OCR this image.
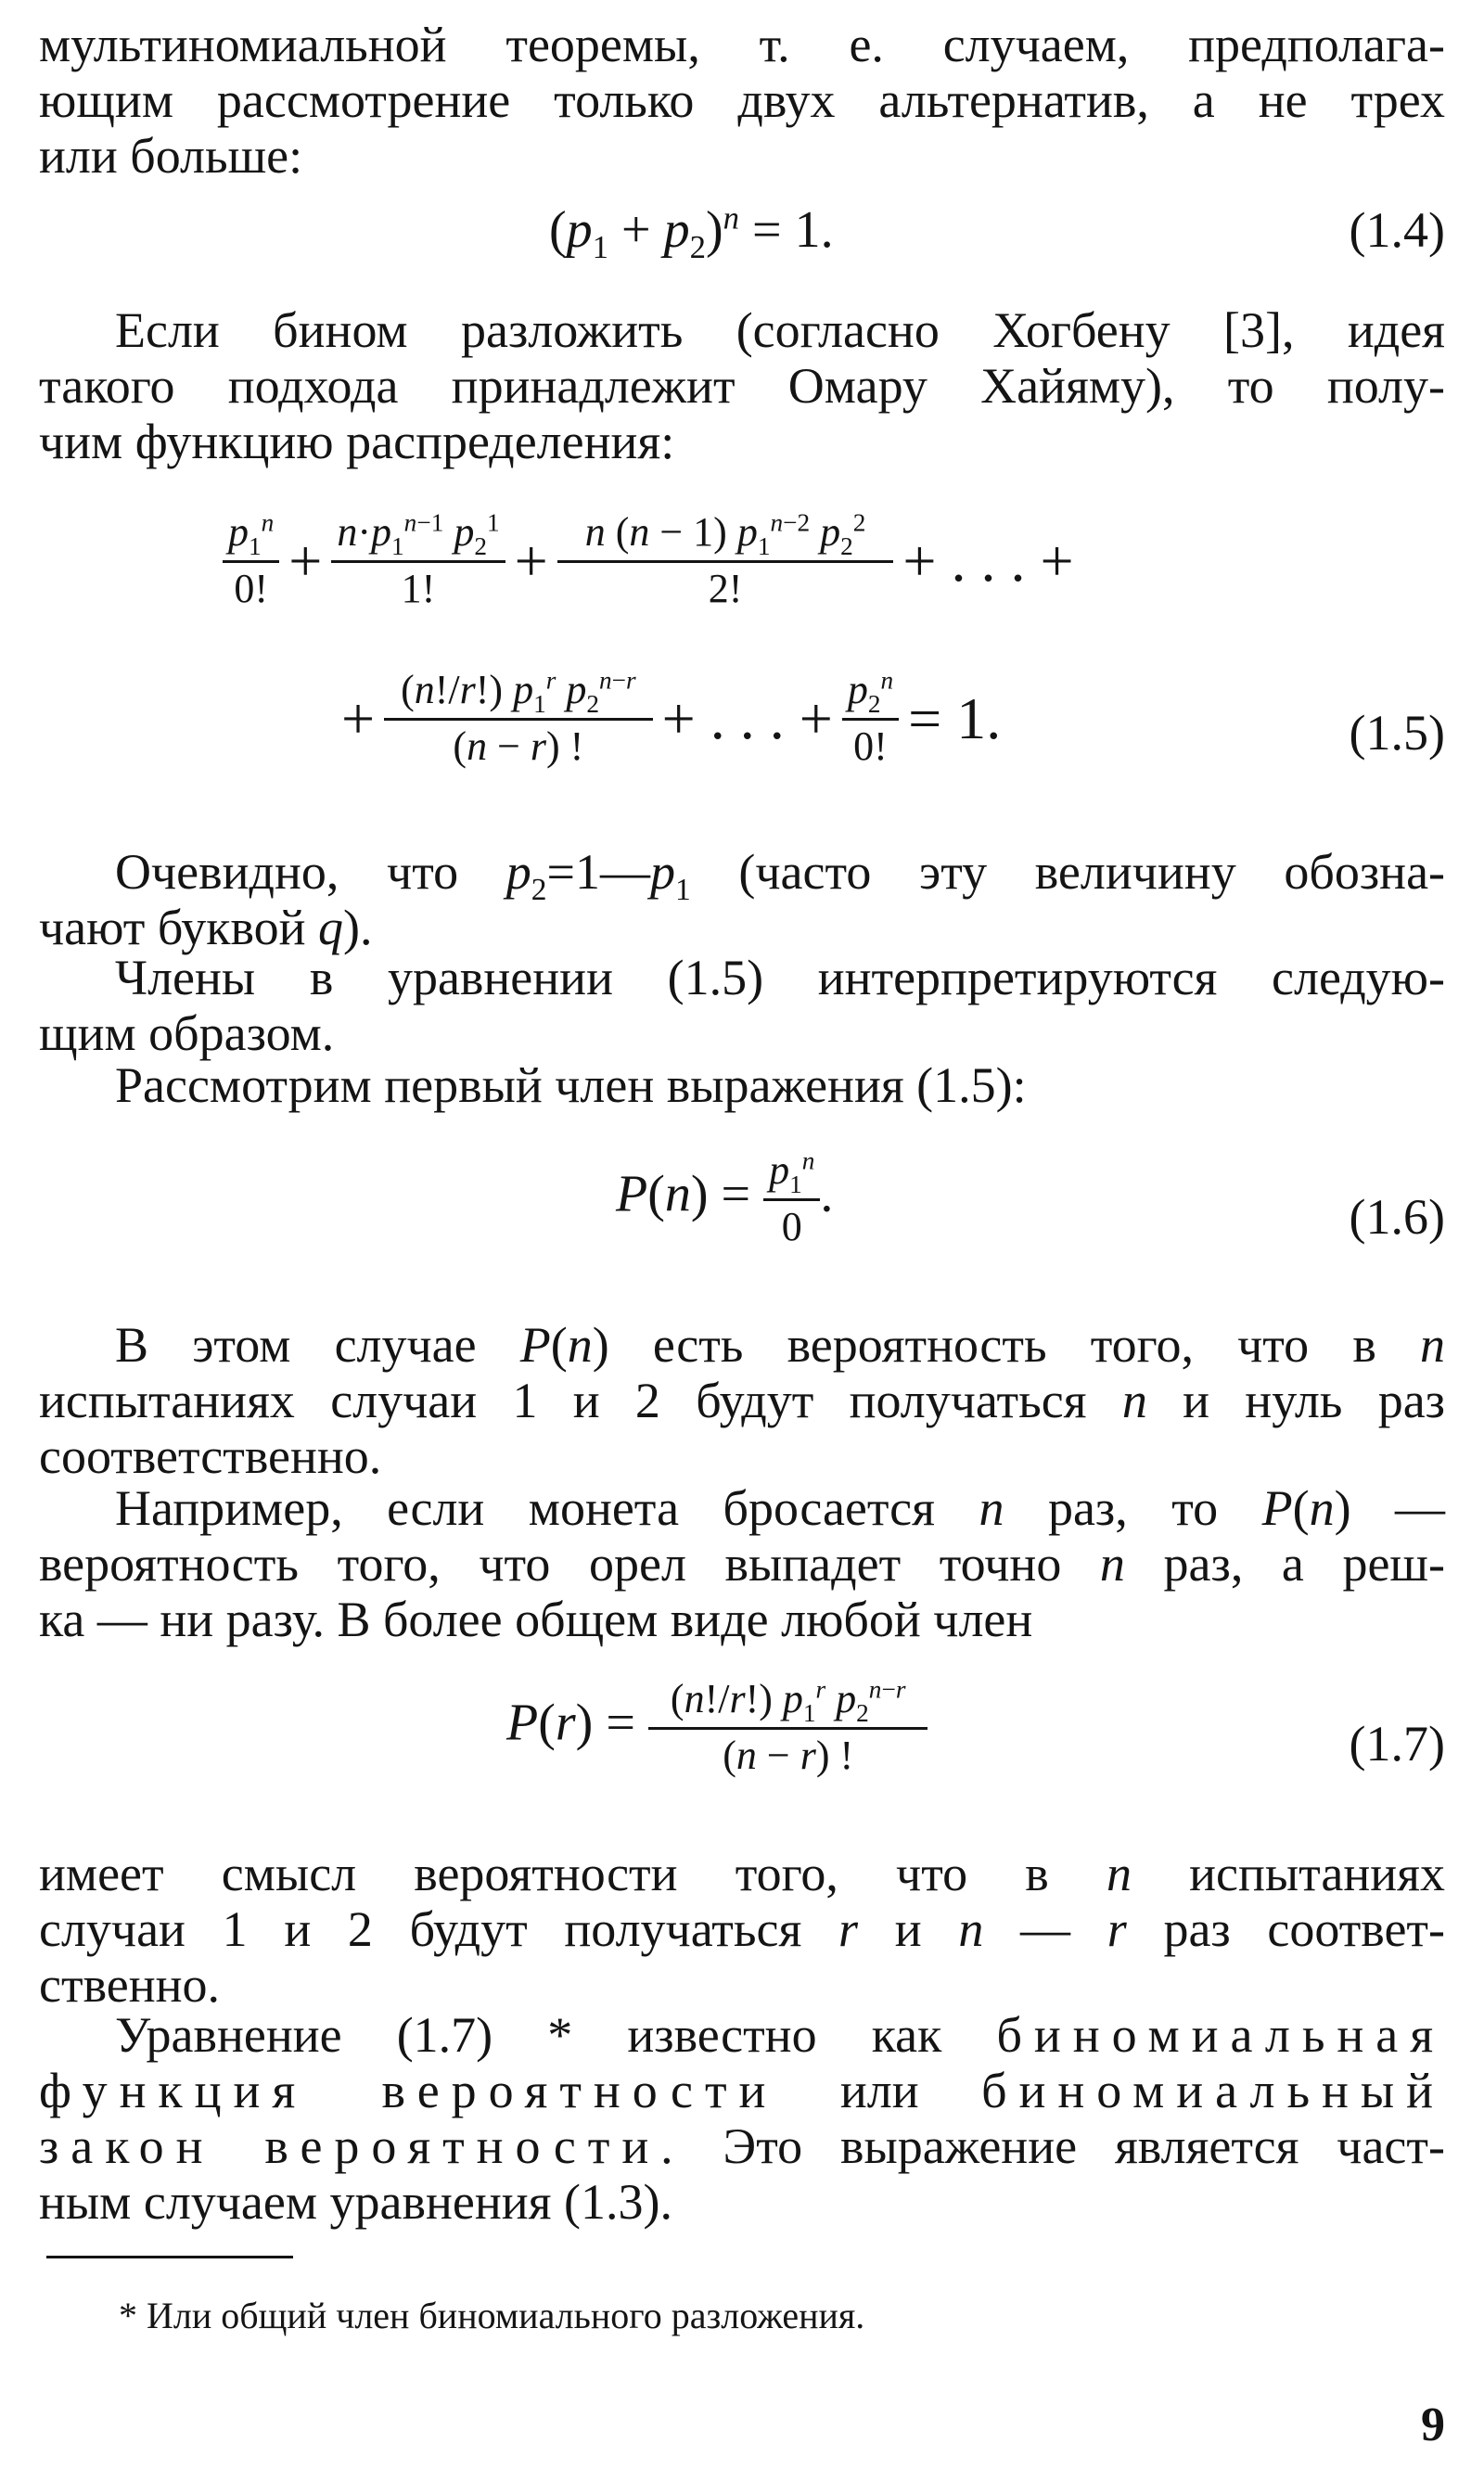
мультиномиальной теоремы, т. е. случаем, предполага-
ющим рассмотрение только двух альтернатив, а не трех
или больше:
$(p_1 + p_2)^n = 1$.	(1.4)
Если бином разложить (согласно Хогбену [3], идея
такого подхода принадлежит Омару Хайяму), то полу-
чим функцию распределения:
$\frac{p_1^n}{0!} + \frac{n\cdot p_1^{n-1} p_2^1}{1!} + \frac{n (n - 1) p_1^{n-2} p_2^2}{2!}$ + . . . +
+ $\frac{(n!/r!) p_1^r p_2^{n-r}}{(n - r) !}$ + . . . + $\frac{p_2^n}{0!} = 1$.	(1.5)
Очевидно, что $p_2=1—p_1$ (часто эту величину обозна-
чают буквой q).
Члены в уравнении (1.5) интерпретируются следую-
щим образом.
Рассмотрим первый член выражения (1.5):
$P(n) = \frac{p_1^n}{0}$ .	(1.6)
В этом случае P(n) есть вероятность того, что в n
испытаниях случаи 1 и 2 будут получаться n и нуль раз
соответственно.
Например, если монета бросается n раз, то P(n) —
вероятность того, что орел выпадет точно n раз, а реш-
ка — ни разу. В более общем виде любой член
$P(r) = \frac{(n!/r!) p_1^r p_2^{n-r}}{(n - r) !}$	(1.7)
имеет смысл вероятности того, что в n испытаниях
случаи 1 и 2 будут получаться r и n — r раз соответ-
ственно.
Уравнение (1.7) * известно как биномиальная
функция вероятности или биномиальный
закон вероятности. Это выражение является част-
ным случаем уравнения (1.3).
* Или общий член биномиального разложения.
9
